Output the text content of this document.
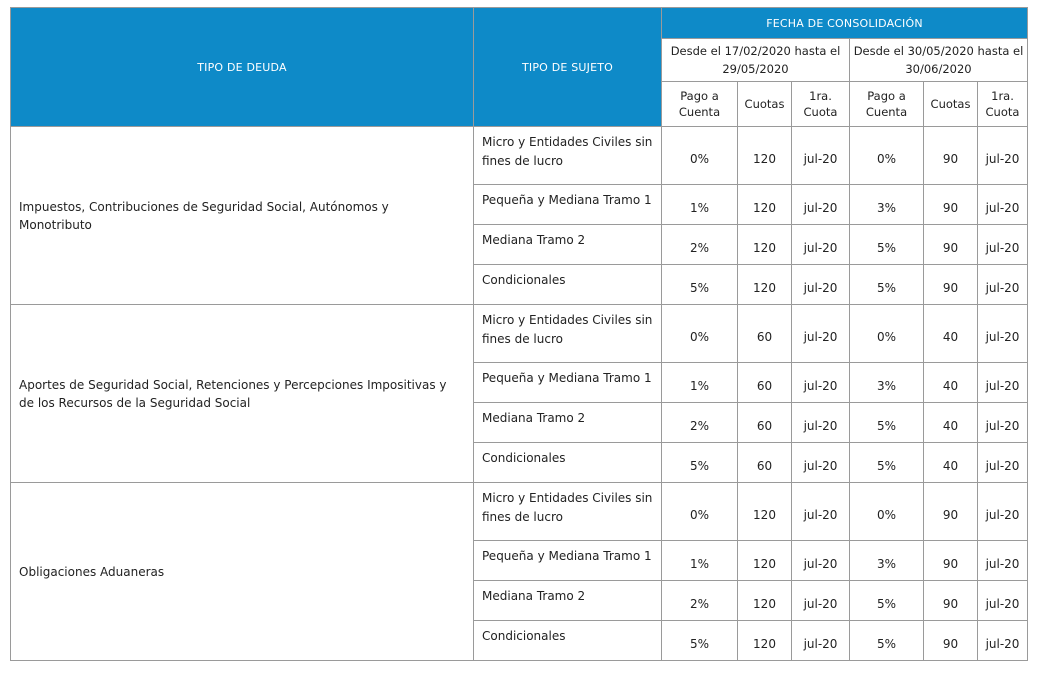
TIPO DE DEUDA	TIPO DE SUJETO	FECHA DE CONSOLIDACIÓN					
		Desde el 17/02/2020 hasta el 29/05/2020			Desde el 30/05/2020 hasta el 30/06/2020		
		Pago a Cuenta	Cuotas	1ra. Cuota	Pago a Cuenta	Cuotas	1ra. Cuota
Impuestos, Contribuciones de Seguridad Social, Autónomos y Monotributo	Micro y Entidades Civiles sin fines de lucro	0%	120	jul-20	0%	90	jul-20
	Pequeña y Mediana Tramo 1	1%	120	jul-20	3%	90	jul-20
	Mediana Tramo 2	2%	120	jul-20	5%	90	jul-20
	Condicionales	5%	120	jul-20	5%	90	jul-20
Aportes de Seguridad Social, Retenciones y Percepciones Impositivas y de los Recursos de la Seguridad Social	Micro y Entidades Civiles sin fines de lucro	0%	60	jul-20	0%	40	jul-20
	Pequeña y Mediana Tramo 1	1%	60	jul-20	3%	40	jul-20
	Mediana Tramo 2	2%	60	jul-20	5%	40	jul-20
	Condicionales	5%	60	jul-20	5%	40	jul-20
Obligaciones Aduaneras	Micro y Entidades Civiles sin fines de lucro	0%	120	jul-20	0%	90	jul-20
	Pequeña y Mediana Tramo 1	1%	120	jul-20	3%	90	jul-20
	Mediana Tramo 2	2%	120	jul-20	5%	90	jul-20
	Condicionales	5%	120	jul-20	5%	90	jul-20
